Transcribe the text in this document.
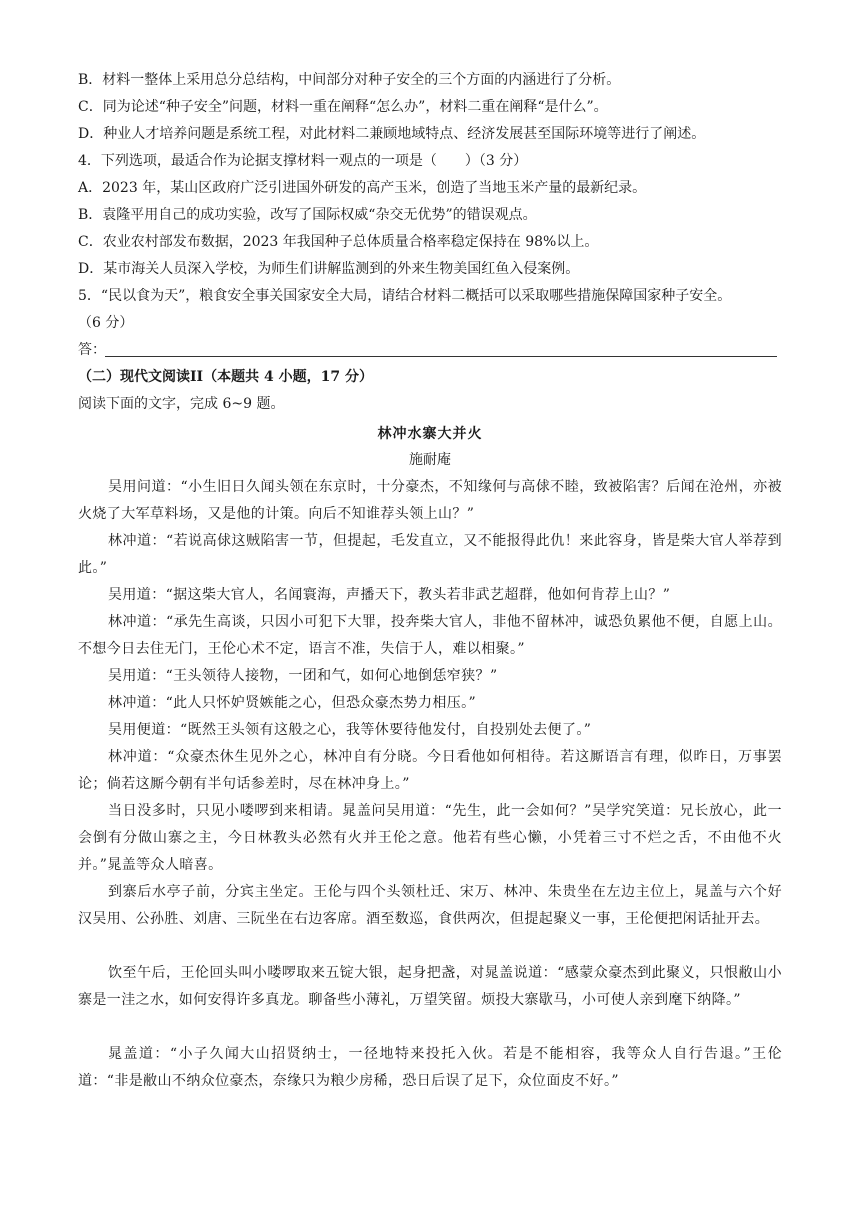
B．材料一整体上采用总分总结构，中间部分对种子安全的三个方面的内涵进行了分析。
C．同为论述“种子安全”问题，材料一重在阐释“怎么办”，材料二重在阐释“是什么”。
D．种业人才培养问题是系统工程，对此材料二兼顾地域特点、经济发展甚至国际环境等进行了阐述。
4．下列选项，最适合作为论据支撑材料一观点的一项是（　　）（3 分）
A．2023 年，某山区政府广泛引进国外研发的高产玉米，创造了当地玉米产量的最新纪录。
B．袁隆平用自己的成功实验，改写了国际权威“杂交无优势”的错误观点。
C．农业农村部发布数据，2023 年我国种子总体质量合格率稳定保持在 98%以上。
D．某市海关人员深入学校，为师生们讲解监测到的外来生物美国红鱼入侵案例。
5．“民以食为天”，粮食安全事关国家安全大局，请结合材料二概括可以采取哪些措施保障国家种子安全。
（6 分）
答：
（二）现代文阅读II（本题共 4 小题，17 分）
阅读下面的文字，完成 6~9 题。
林冲水寨大并火
施耐庵
吴用问道：“小生旧日久闻头领在东京时，十分豪杰，不知缘何与高俅不睦，致被陷害？后闻在沧州，亦被火烧了大军草料场，又是他的计策。向后不知谁荐头领上山？”
林冲道：“若说高俅这贼陷害一节，但提起，毛发直立，又不能报得此仇！来此容身，皆是柴大官人举荐到此。”
吴用道：“据这柴大官人，名闻寰海，声播天下，教头若非武艺超群，他如何肯荐上山？”
林冲道：“承先生高谈，只因小可犯下大罪，投奔柴大官人，非他不留林冲，诚恐负累他不便，自愿上山。不想今日去住无门，王伦心术不定，语言不准，失信于人，难以相聚。”
吴用道：“王头领待人接物，一团和气，如何心地倒恁窄狭？”
林冲道：“此人只怀妒贤嫉能之心，但恐众豪杰势力相压。”
吴用便道：“既然王头领有这般之心，我等休要待他发付，自投别处去便了。”
林冲道：“众豪杰休生见外之心，林冲自有分晓。今日看他如何相待。若这厮语言有理，似昨日，万事罢论；倘若这厮今朝有半句话参差时，尽在林冲身上。”
当日没多时，只见小喽啰到来相请。晁盖问吴用道：“先生，此一会如何？”吴学究笑道：兄长放心，此一会倒有分做山寨之主，今日林教头必然有火并王伦之意。他若有些心懒，小凭着三寸不烂之舌，不由他不火并。”晁盖等众人暗喜。
到寨后水亭子前，分宾主坐定。王伦与四个头领杜迁、宋万、林冲、朱贵坐在左边主位上，晁盖与六个好汉吴用、公孙胜、刘唐、三阮坐在右边客席。酒至数巡，食供两次，但提起聚义一事，王伦便把闲话扯开去。
饮至午后，王伦回头叫小喽啰取来五锭大银，起身把盏，对晁盖说道：“感蒙众豪杰到此聚义，只恨敝山小寨是一洼之水，如何安得许多真龙。聊备些小薄礼，万望笑留。烦投大寨歇马，小可使人亲到麾下纳降。”
晁盖道：“小子久闻大山招贤纳士，一径地特来投托入伙。若是不能相容，我等众人自行告退。”王伦道：“非是敝山不纳众位豪杰，奈缘只为粮少房稀，恐日后误了足下，众位面皮不好。”
